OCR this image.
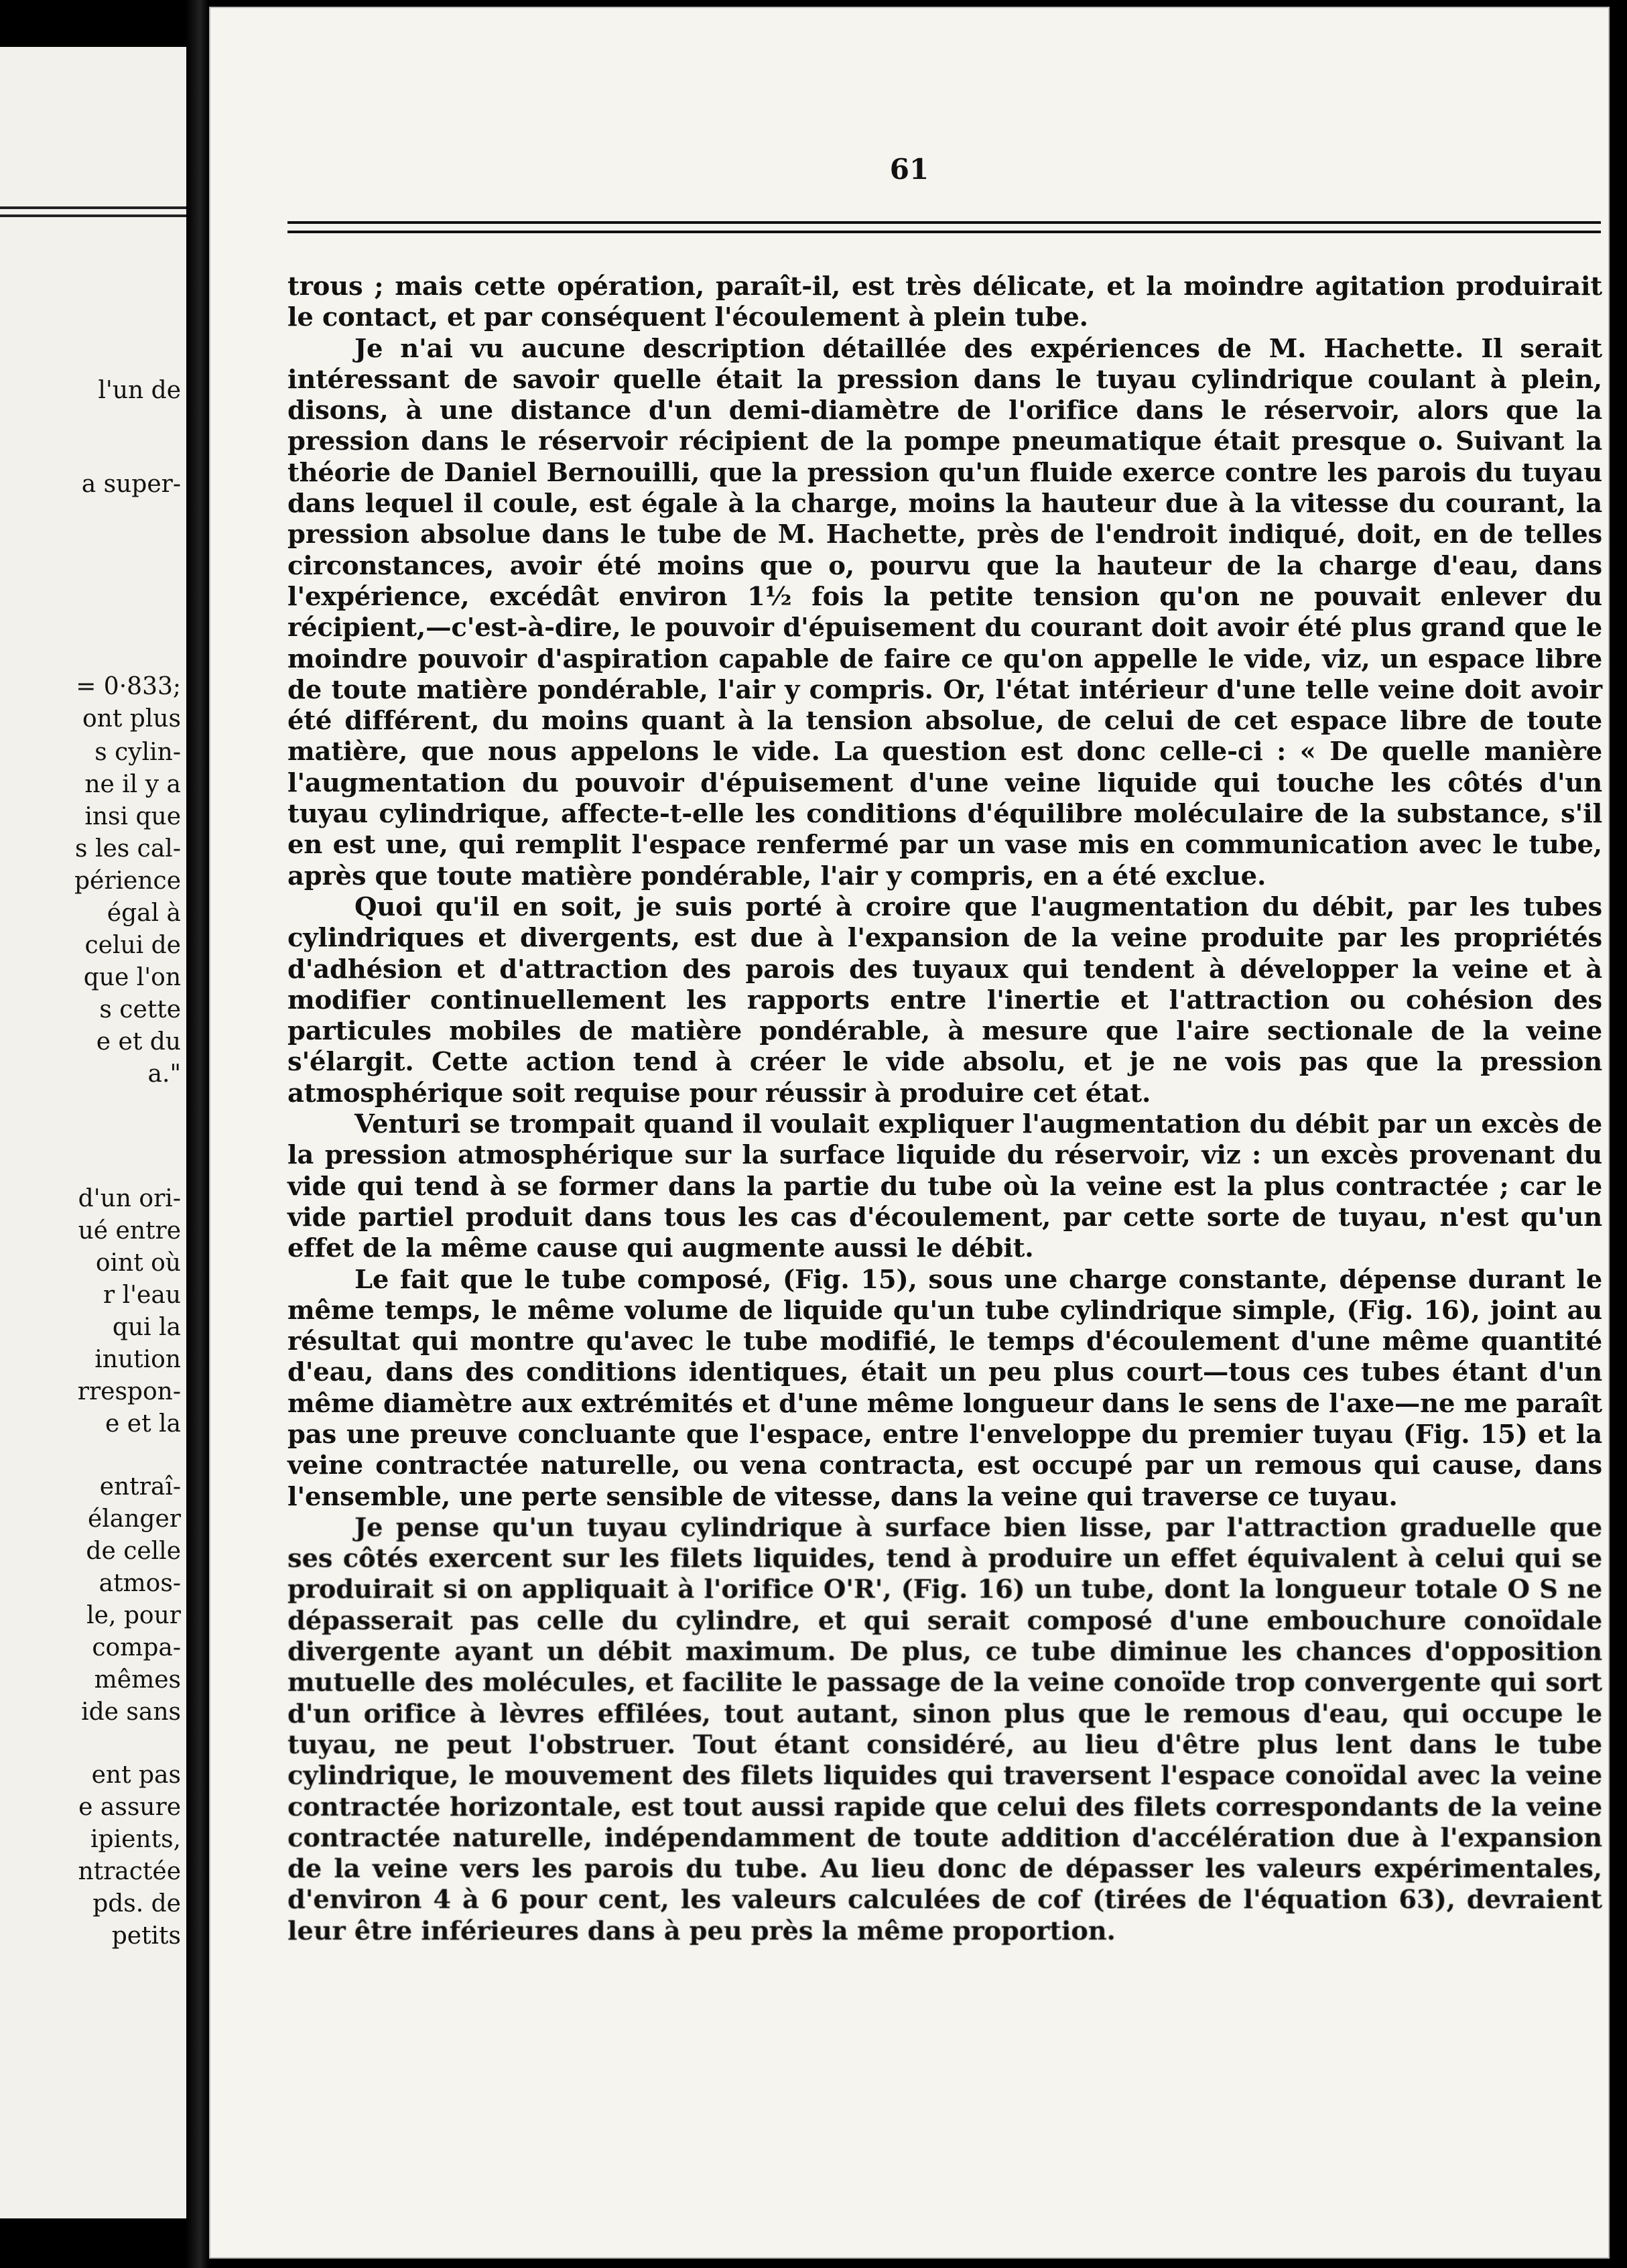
l'un de
a super-
= 0·833;
ont plus
s cylin-
ne il y a
insi que
s les cal-
périence
égal à
celui de
que l'on
s cette
e et du
a."
d'un ori-
ué entre
oint où
r l'eau
qui la
inution
rrespon-
e et la
entraî-
élanger
de celle
atmos-
le, pour
compa-
mêmes
ide sans
ent pas
e assure
ipients,
ntractée
pds. de
petits
61

trous ; mais cette opération, paraît-il, est très délicate, et la moindre agitation produirait le contact, et par conséquent l'écoulement à plein tube.

Je n'ai vu aucune description détaillée des expériences de M. Hachette. Il serait intéressant de savoir quelle était la pression dans le tuyau cylindrique coulant à plein, disons, à une distance d'un demi-diamètre de l'orifice dans le réservoir, alors que la pression dans le réservoir récipient de la pompe pneumatique était presque o. Suivant la théorie de Daniel Bernouilli, que la pression qu'un fluide exerce contre les parois du tuyau dans lequel il coule, est égale à la charge, moins la hauteur due à la vitesse du courant, la pression absolue dans le tube de M. Hachette, près de l'endroit indiqué, doit, en de telles circonstances, avoir été moins que o, pourvu que la hauteur de la charge d'eau, dans l'expérience, excédât environ 1½ fois la petite tension qu'on ne pouvait enlever du récipient,—c'est-à-dire, le pouvoir d'épuisement du courant doit avoir été plus grand que le moindre pouvoir d'aspiration capable de faire ce qu'on appelle le vide, viz, un espace libre de toute matière pondérable, l'air y compris. Or, l'état intérieur d'une telle veine doit avoir été différent, du moins quant à la tension absolue, de celui de cet espace libre de toute matière, que nous appelons le vide. La question est donc celle-ci : « De quelle manière l'augmentation du pouvoir d'épuisement d'une veine liquide qui touche les côtés d'un tuyau cylindrique, affecte-t-elle les conditions d'équilibre moléculaire de la substance, s'il en est une, qui remplit l'espace renfermé par un vase mis en communication avec le tube, après que toute matière pondérable, l'air y compris, en a été exclue.

Quoi qu'il en soit, je suis porté à croire que l'augmentation du débit, par les tubes cylindriques et divergents, est due à l'expansion de la veine produite par les propriétés d'adhésion et d'attraction des parois des tuyaux qui tendent à développer la veine et à modifier continuellement les rapports entre l'inertie et l'attraction ou cohésion des particules mobiles de matière pondérable, à mesure que l'aire sectionale de la veine s'élargit. Cette action tend à créer le vide absolu, et je ne vois pas que la pression atmosphérique soit requise pour réussir à produire cet état.

Venturi se trompait quand il voulait expliquer l'augmentation du débit par un excès de la pression atmosphérique sur la surface liquide du réservoir, viz : un excès provenant du vide qui tend à se former dans la partie du tube où la veine est la plus contractée ; car le vide partiel produit dans tous les cas d'écoulement, par cette sorte de tuyau, n'est qu'un effet de la même cause qui augmente aussi le débit.

Le fait que le tube composé, (Fig. 15), sous une charge constante, dépense durant le même temps, le même volume de liquide qu'un tube cylindrique simple, (Fig. 16), joint au résultat qui montre qu'avec le tube modifié, le temps d'écoulement d'une même quantité d'eau, dans des conditions identiques, était un peu plus court—tous ces tubes étant d'un même diamètre aux extrémités et d'une même longueur dans le sens de l'axe—ne me paraît pas une preuve concluante que l'espace, entre l'enveloppe du premier tuyau (Fig. 15) et la veine contractée naturelle, ou vena contracta, est occupé par un remous qui cause, dans l'ensemble, une perte sensible de vitesse, dans la veine qui traverse ce tuyau.

Je pense qu'un tuyau cylindrique à surface bien lisse, par l'attraction graduelle que ses côtés exercent sur les filets liquides, tend à produire un effet équivalent à celui qui se produirait si on appliquait à l'orifice O'R', (Fig. 16) un tube, dont la longueur totale O S ne dépasserait pas celle du cylindre, et qui serait composé d'une embouchure conoïdale divergente ayant un débit maximum. De plus, ce tube diminue les chances d'opposition mutuelle des molécules, et facilite le passage de la veine conoïde trop convergente qui sort d'un orifice à lèvres effilées, tout autant, sinon plus que le remous d'eau, qui occupe le tuyau, ne peut l'obstruer. Tout étant considéré, au lieu d'être plus lent dans le tube cylindrique, le mouvement des filets liquides qui traversent l'espace conoïdal avec la veine contractée horizontale, est tout aussi rapide que celui des filets correspondants de la veine contractée naturelle, indépendamment de toute addition d'accélération due à l'expansion de la veine vers les parois du tube. Au lieu donc de dépasser les valeurs expérimentales, d'environ 4 à 6 pour cent, les valeurs calculées de cof (tirées de l'équation 63), devraient leur être inférieures dans à peu près la même proportion.
